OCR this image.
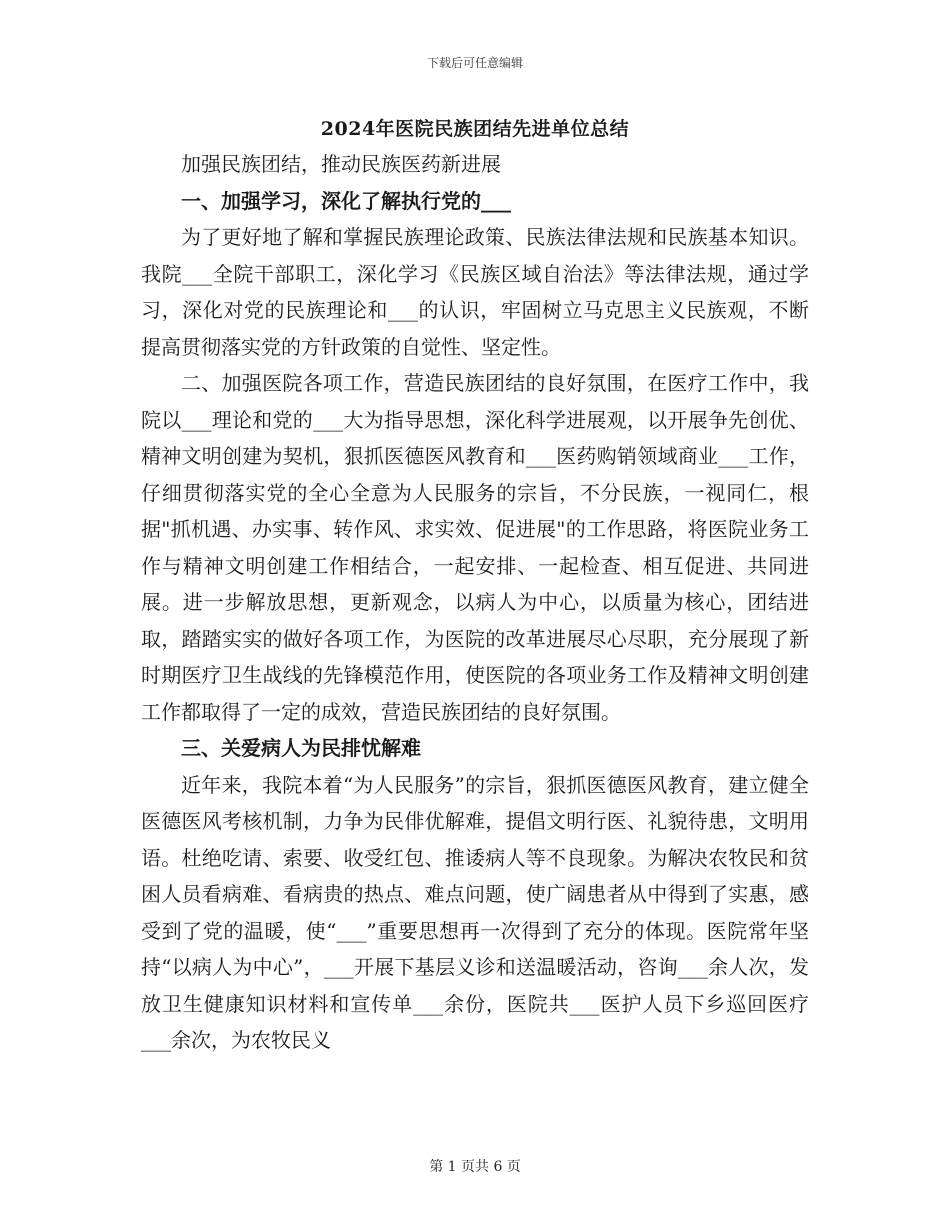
下载后可任意编辑
2024年医院民族团结先进单位总结

加强民族团结，推动民族医药新进展

一、加强学习，深化了解执行党的___

为了更好地了解和掌握民族理论政策、民族法律法规和民族基本知识。我院___全院干部职工，深化学习《民族区域自治法》等法律法规，通过学习，深化对党的民族理论和___的认识，牢固树立马克思主义民族观，不断提高贯彻落实党的方针政策的自觉性、坚定性。

二、加强医院各项工作，营造民族团结的良好氛围，在医疗工作中，我院以___理论和党的___大为指导思想，深化科学进展观，以开展争先创优、精神文明创建为契机，狠抓医德医风教育和___医药购销领域商业___工作，仔细贯彻落实党的全心全意为人民服务的宗旨，不分民族，一视同仁，根据"抓机遇、办实事、转作风、求实效、促进展"的工作思路，将医院业务工作与精神文明创建工作相结合，一起安排、一起检查、相互促进、共同进展。进一步解放思想，更新观念，以病人为中心，以质量为核心，团结进取，踏踏实实的做好各项工作，为医院的改革进展尽心尽职，充分展现了新时期医疗卫生战线的先锋模范作用，使医院的各项业务工作及精神文明创建工作都取得了一定的成效，营造民族团结的良好氛围。

三、关爱病人为民排忧解难

近年来，我院本着“为人民服务”的宗旨，狠抓医德医风教育，建立健全医德医风考核机制，力争为民俳优解难，提倡文明行医、礼貌待患，文明用语。杜绝吃请、索要、收受红包、推诿病人等不良现象。为解决农牧民和贫困人员看病难、看病贵的热点、难点问题，使广阔患者从中得到了实惠，感受到了党的温暖，使“___”重要思想再一次得到了充分的体现。医院常年坚持“以病人为中心”，___开展下基层义诊和送温暖活动，咨询___余人次，发放卫生健康知识材料和宣传单___余份，医院共___医护人员下乡巡回医疗___余次，为农牧民义

第 1 页共 6 页
